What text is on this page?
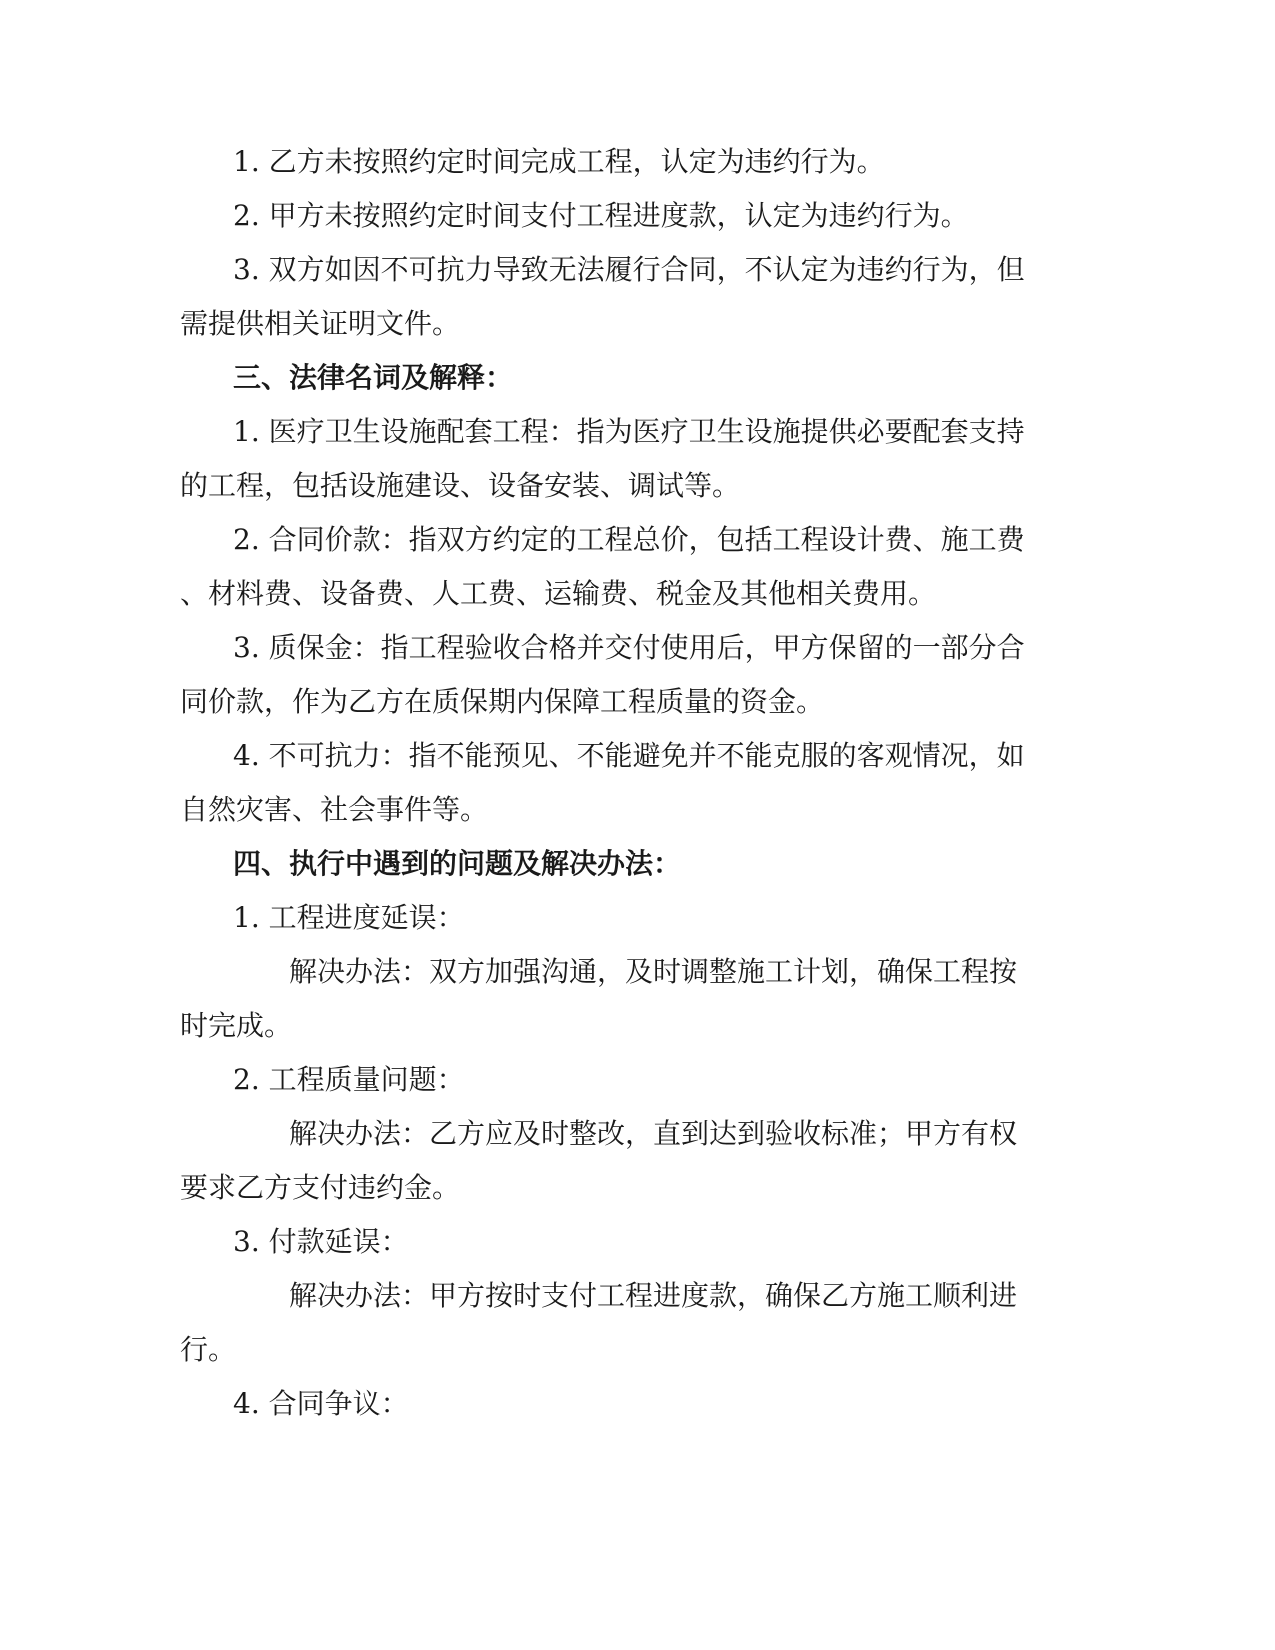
1. 乙方未按照约定时间完成工程，认定为违约行为。
2. 甲方未按照约定时间支付工程进度款，认定为违约行为。
3. 双方如因不可抗力导致无法履行合同，不认定为违约行为，但
需提供相关证明文件。
三、法律名词及解释：
1. 医疗卫生设施配套工程：指为医疗卫生设施提供必要配套支持
的工程，包括设施建设、设备安装、调试等。
2. 合同价款：指双方约定的工程总价，包括工程设计费、施工费
、材料费、设备费、人工费、运输费、税金及其他相关费用。
3. 质保金：指工程验收合格并交付使用后，甲方保留的一部分合
同价款，作为乙方在质保期内保障工程质量的资金。
4. 不可抗力：指不能预见、不能避免并不能克服的客观情况，如
自然灾害、社会事件等。
四、执行中遇到的问题及解决办法：
1. 工程进度延误：
解决办法：双方加强沟通，及时调整施工计划，确保工程按
时完成。
2. 工程质量问题：
解决办法：乙方应及时整改，直到达到验收标准；甲方有权
要求乙方支付违约金。
3. 付款延误：
解决办法：甲方按时支付工程进度款，确保乙方施工顺利进
行。
4. 合同争议：
